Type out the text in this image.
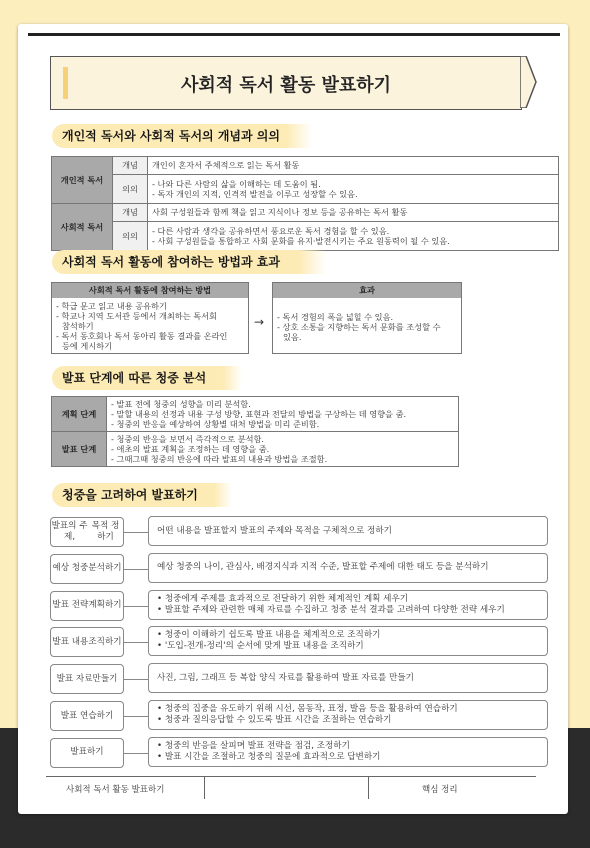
사회적 독서 활동 발표하기
개인적 독서와 사회적 독서의 개념과 의의
개인적 독서	개념	개인이 혼자서 주체적으로 읽는 독서 활동
	의의	- 나와 다른 사람의 삶을 이해하는 데 도움이 됨.
- 독자 개인의 지적, 인격적 발전을 이루고 성장할 수 있음.

사회적 독서	개념	사회 구성원들과 함께 책을 읽고 지식이나 정보 등을 공유하는 독서 활동
	의의	- 다른 사람과 생각을 공유하면서 풍요로운 독서 경험을 할 수 있음.
- 사회 구성원들을 통합하고 사회 문화를 유지·발전시키는 주요 원동력이 될 수 있음.
사회적 독서 활동에 참여하는 방법과 효과
사회적 독서 활동에 참여하는 방법
- 학급 문고 읽고 내용 공유하기
- 학교나 지역 도서관 등에서 개최하는 독서회
참석하기
- 독서 동호회나 독서 동아리 활동 결과를 온라인
등에 게시하기
→
효과
- 독서 경험의 폭을 넓힐 수 있음.
- 상호 소통을 지향하는 독서 문화를 조성할 수
있음.
발표 단계에 따른 청중 분석
계획 단계	- 발표 전에 청중의 성향을 미리 분석함.
- 말할 내용의 선정과 내용 구성 방향, 표현과 전달의 방법을 구상하는 데 영향을 줌.
- 청중의 반응을 예상하여 상황별 대처 방법을 미리 준비함.

발표 단계	- 청중의 반응을 보면서 즉각적으로 분석함.
- 애초의 발표 계획을 조정하는 데 영향을 줌.
- 그때그때 청중의 반응에 따라 발표의 내용과 방법을 조절함.
청중을 고려하여 발표하기
발표의 주제,

목적 정하기
어떤 내용을 발표할지 발표의 주제와 목적을 구체적으로 정하기
예상 청중 분석하기	예상 청중의 나이, 관심사, 배경지식과 지적 수준, 발표할 주제에 대한 태도 등을 분석하기
발표 전략 계획하기
• 청중에게 주제를 효과적으로 전달하기 위한 체계적인 계획 세우기
• 발표할 주제와 관련한 매체 자료를 수집하고 청중 분석 결과를 고려하여 다양한 전략 세우기
발표 내용 조직하기
• 청중이 이해하기 쉽도록 발표 내용을 체계적으로 조직하기
• '도입-전개-정리'의 순서에 맞게 발표 내용을 조직하기
발표 자료 만들기	사진, 그림, 그래프 등 복합 양식 자료를 활용하여 발표 자료를 만들기
발표 연습하기
• 청중의 집중을 유도하기 위해 시선, 몸동작, 표정, 발음 등을 활용하여 연습하기
• 청중과 질의응답할 수 있도록 발표 시간을 조절하는 연습하기
발표하기
• 청중의 반응을 살피며 발표 전략을 점검, 조정하기
• 발표 시간을 조절하고 청중의 질문에 효과적으로 답변하기
사회적 독서 활동 발표하기	핵심 정리
